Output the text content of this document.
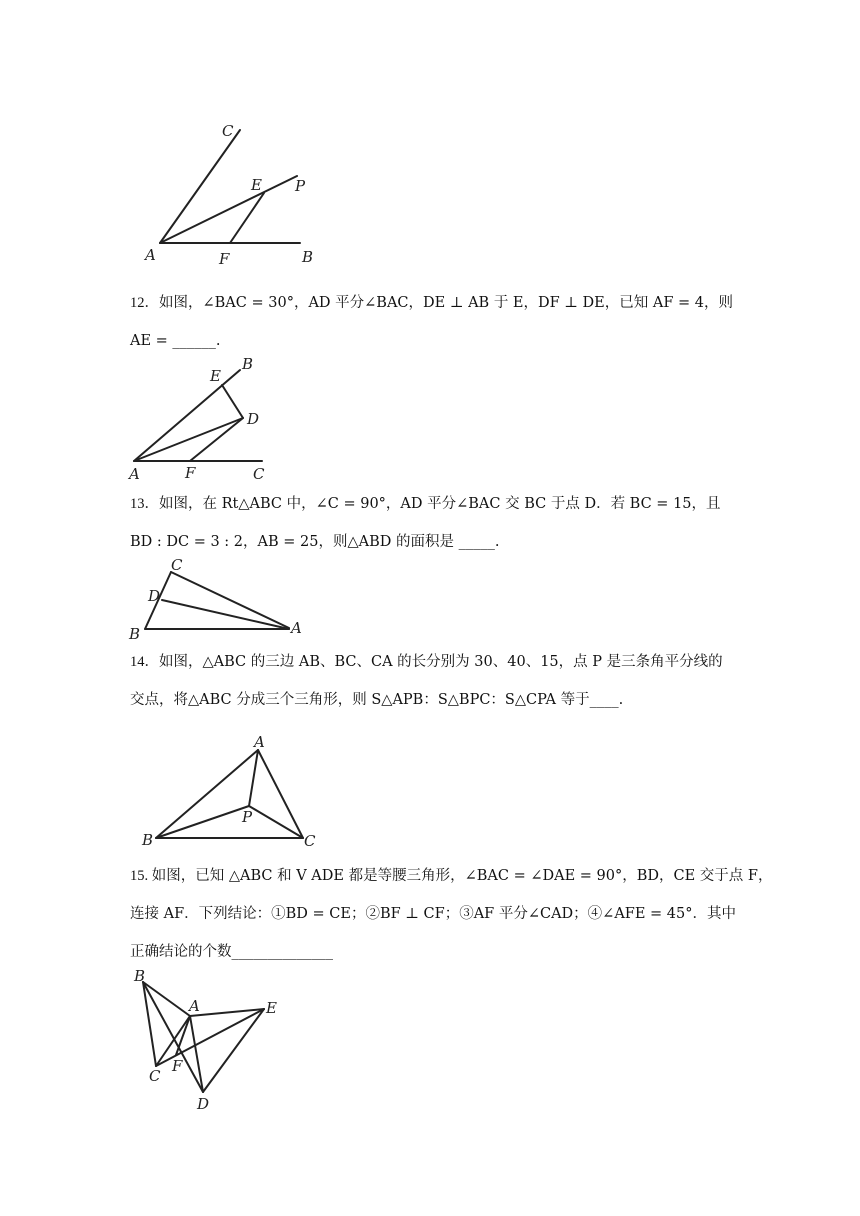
C
E P
A	F	B

12．如图，∠BAC = 30°，AD 平分∠BAC，DE ⊥ AB 于 E，DF ⊥ DE，已知 AF = 4，则

AE = ______.

B
E
D
A	F	C

13．如图，在 Rt△ABC 中，∠C = 90°，AD 平分∠BAC 交 BC 于点 D．若 BC = 15，且

BD : DC = 3 : 2，AB = 25，则△ABD 的面积是 _____.

C
D
B	A

14．如图，△ABC 的三边 AB、BC、CA 的长分别为 30、40、15，点 P 是三条角平分线的

交点，将△ABC 分成三个三角形，则 S△APB：S△BPC：S△CPA 等于____.

A
P
B	C

15. 如图，已知 △ABC 和 V ADE 都是等腰三角形，∠BAC = ∠DAE = 90°，BD，CE 交于点 F，

连接 AF．下列结论：①BD = CE；②BF ⊥ CF；③AF 平分∠CAD；④∠AFE = 45°．其中

正确结论的个数______________

B
A	E
F
C
D
